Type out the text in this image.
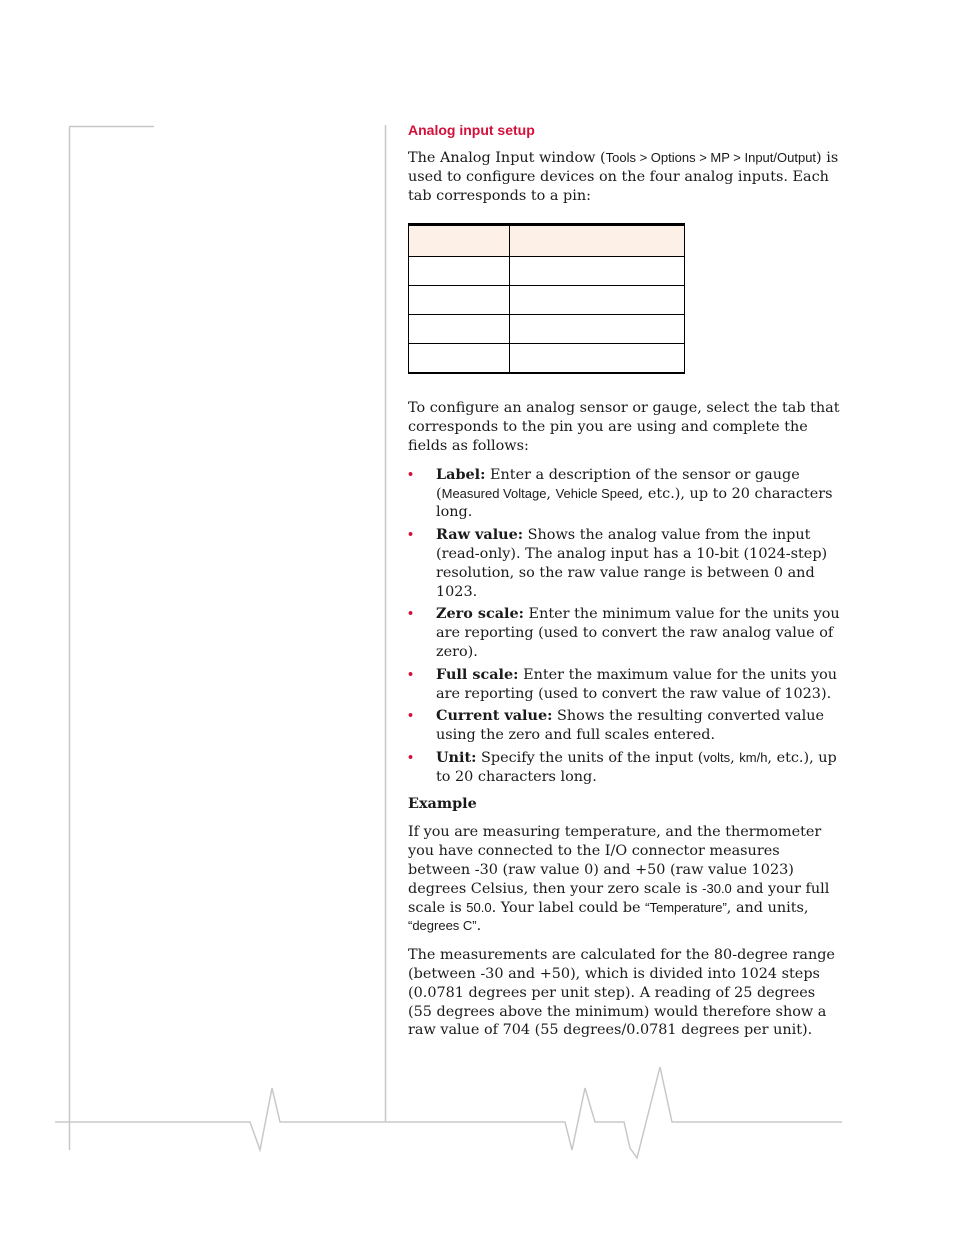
Analog input setup

The Analog Input window (Tools > Options > MP > Input/Output) is used to configure devices on the four analog inputs. Each tab corresponds to a pin:

To configure an analog sensor or gauge, select the tab that corresponds to the pin you are using and complete the fields as follows:

• Label: Enter a description of the sensor or gauge (Measured Voltage, Vehicle Speed, etc.), up to 20 characters long.
• Raw value: Shows the analog value from the input (read-only). The analog input has a 10-bit (1024-step) resolution, so the raw value range is between 0 and 1023.
• Zero scale: Enter the minimum value for the units you are reporting (used to convert the raw analog value of zero).
• Full scale: Enter the maximum value for the units you are reporting (used to convert the raw value of 1023).
• Current value: Shows the resulting converted value using the zero and full scales entered.
• Unit: Specify the units of the input (volts, km/h, etc.), up to 20 characters long.
Example

If you are measuring temperature, and the thermometer you have connected to the I/O connector measures between -30 (raw value 0) and +50 (raw value 1023) degrees Celsius, then your zero scale is -30.0 and your full scale is 50.0. Your label could be “Temperature”, and units, “degrees C”.

The measurements are calculated for the 80-degree range (between -30 and +50), which is divided into 1024 steps (0.0781 degrees per unit step). A reading of 25 degrees (55 degrees above the minimum) would therefore show a raw value of 704 (55 degrees/0.0781 degrees per unit).
